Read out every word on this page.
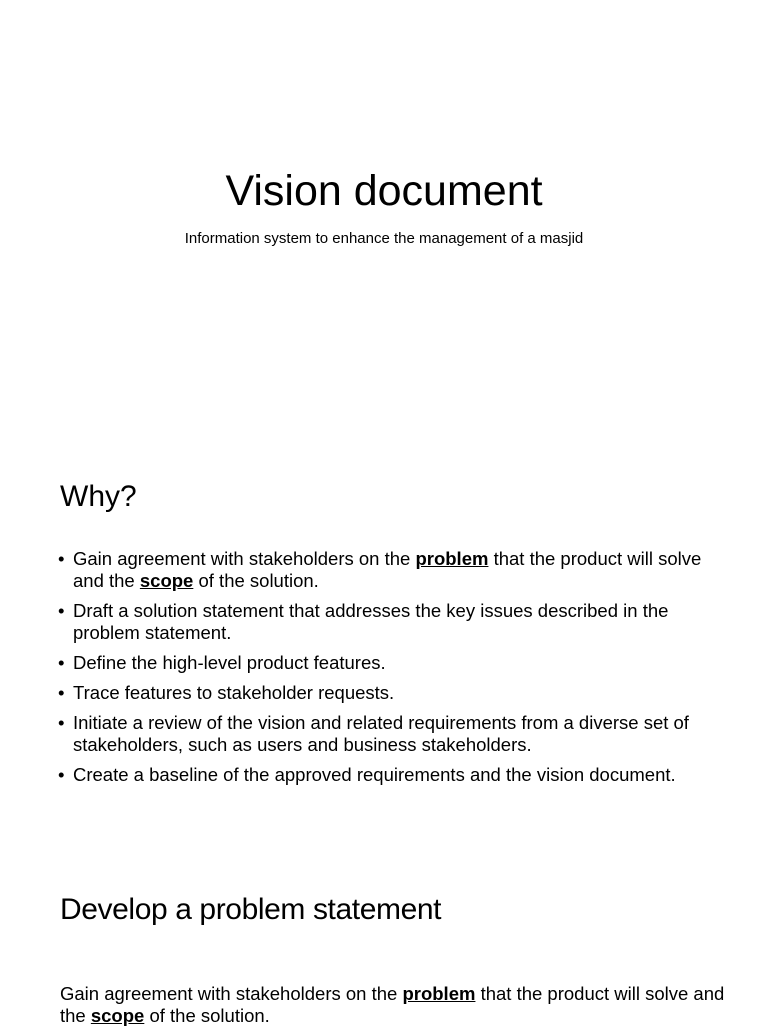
Vision document

Information system to enhance the management of a masjid

Why?
• Gain agreement with stakeholders on the problem that the product will solve and the scope of the solution.
• Draft a solution statement that addresses the key issues described in the problem statement.
• Define the high-level product features.
• Trace features to stakeholder requests.
• Initiate a review of the vision and related requirements from a diverse set of stakeholders, such as users and business stakeholders.
• Create a baseline of the approved requirements and the vision document.
Develop a problem statement

Gain agreement with stakeholders on the problem that the product will solve and the scope of the solution.
